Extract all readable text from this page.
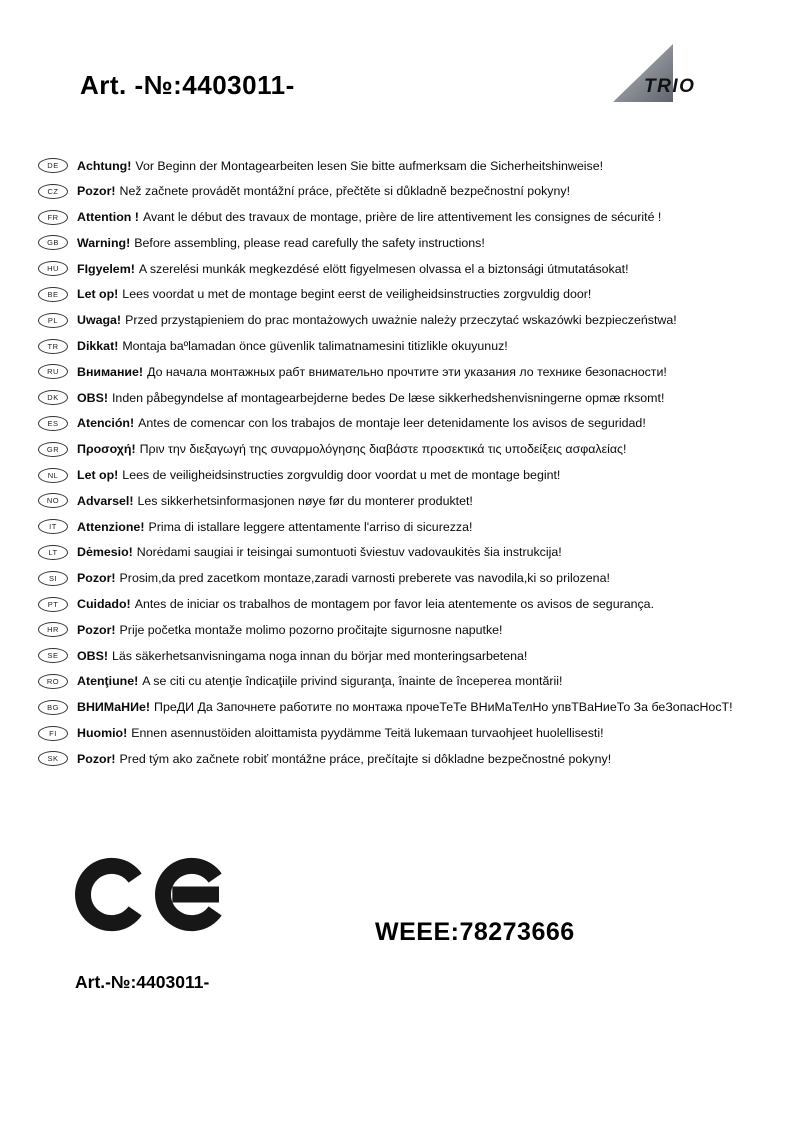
Art. -№:4403011-	TRIO
DE	Achtung! Vor Beginn der Montagearbeiten lesen Sie bitte aufmerksam die Sicherheitshinweise!
CZ	Pozor! Než začnete provádět montážní práce, přečtěte si důkladně bezpečnostní pokyny!
FR	Attention ! Avant le début des travaux de montage, prière de lire attentivement les consignes de sécurité !
GB	Warning! Before assembling, please read carefully the safety instructions!
HU	FIgyelem! A szerelési munkák megkezdésé elött figyelmesen olvassa el a biztonsági útmutatásokat!
BE	Let op! Lees voordat u met de montage begint eerst de veiligheidsinstructies zorgvuldig door!
PL	Uwaga! Przed przystąpieniem do prac montażowych uważnie należy przeczytać wskazówki bezpieczeństwa!
TR	Dikkat! Montaja baºlamadan önce güvenlik talimatnamesini titizlikle okuyunuz!
RU	Внимание! До начала монтажных рабт внимательно прочтите эти указания ло технике безопасности!
DK	OBS! Inden påbegyndelse af montagearbejderne bedes De læse sikkerhedshenvisningerne opmæ rksomt!
ES	Atención! Antes de comencar con los trabajos de montaje leer detenidamente los avisos de seguridad!
GR	Προσοχή! Πριν την διεξαγωγή της συναρμολόγησης διαβάστε προσεκτικά τις υποδείξεις ασφαλείας!
NL	Let op! Lees de veiligheidsinstructies zorgvuldig door voordat u met de montage begint!
NO	Advarsel! Les sikkerhetsinformasjonen nøye før du monterer produktet!
IT	Attenzione! Prima di istallare leggere attentamente l'arriso di sicurezza!
LT	Dėmesio! Norėdami saugiai ir teisingai sumontuoti šviestuv vadovaukitės šia instrukcija!
SI	Pozor! Prosim,da pred zacetkom montaze,zaradi varnosti preberete vas navodila,ki so prilozena!
PT	Cuidado! Antes de iniciar os trabalhos de montagem por favor leia atentemente os avisos de segurança.
HR	Pozor! Prije početka montaže molimo pozorno pročitajte sigurnosne naputke!
SE	OBS! Läs säkerhetsanvisningama noga innan du börjar med monteringsarbetena!
RO	Atenţiune! A se citi cu atenţie îndicaţiile privind siguranţa, înainte de începerea montării!
BG	ВНИМаНИе! ПреДИ Да Започнете работите по монтажа прочеТеТе ВНиМаТелНо упвТВаНиеТо За беЗопасНосТ!
FI	Huomio! Ennen asennustöiden aloittamista pyydämme Teitä lukemaan turvaohjeet huolellisesti!
SK	Pozor! Pred tým ako začnete robiť montážne práce, prečítajte si dôkladne bezpečnostné pokyny!
WEEE:78273666
Art.-№:4403011-
